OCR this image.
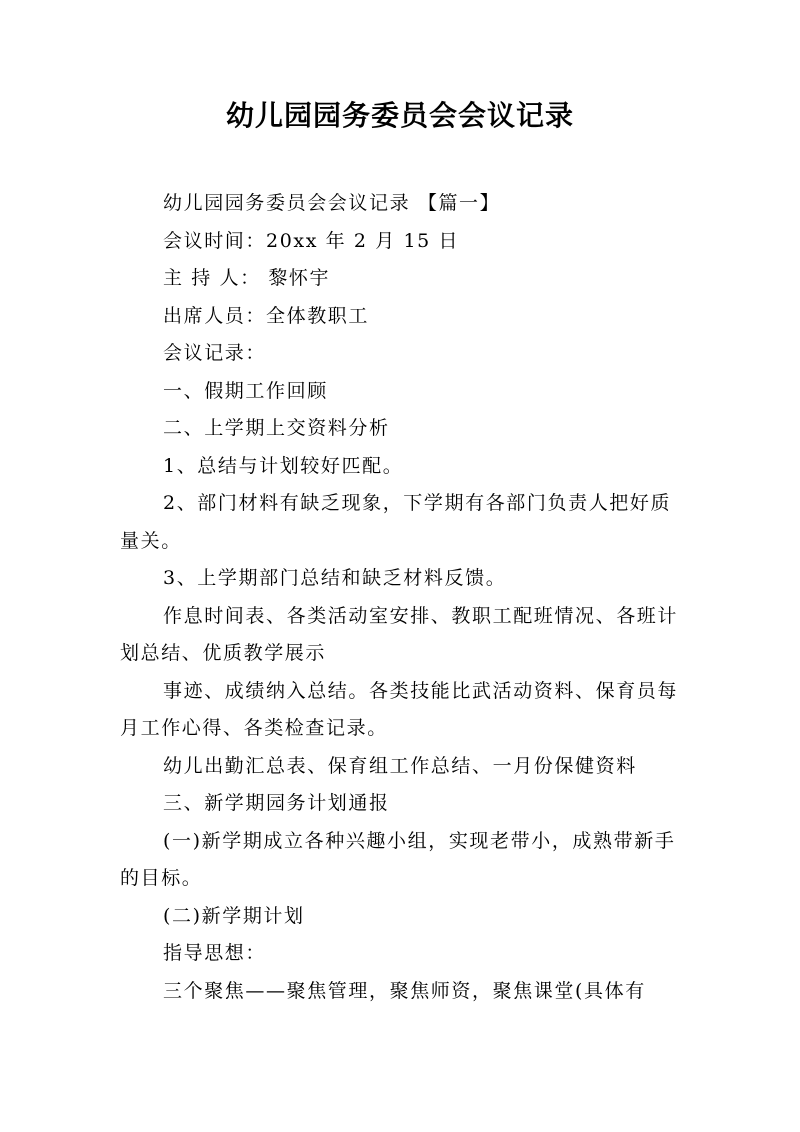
幼儿园园务委员会会议记录

幼儿园园务委员会会议记录 【篇一】

会议时间：20xx 年 2 月 15 日

主 持 人： 黎怀宇

出席人员：全体教职工

会议记录：

一、假期工作回顾

二、上学期上交资料分析

1、总结与计划较好匹配。

2、部门材料有缺乏现象，下学期有各部门负责人把好质量关。

3、上学期部门总结和缺乏材料反馈。

作息时间表、各类活动室安排、教职工配班情况、各班计划总结、优质教学展示

事迹、成绩纳入总结。各类技能比武活动资料、保育员每月工作心得、各类检查记录。

幼儿出勤汇总表、保育组工作总结、一月份保健资料

三、新学期园务计划通报

(一)新学期成立各种兴趣小组，实现老带小，成熟带新手的目标。

(二)新学期计划

指导思想：

三个聚焦——聚焦管理，聚焦师资，聚焦课堂(具体有
